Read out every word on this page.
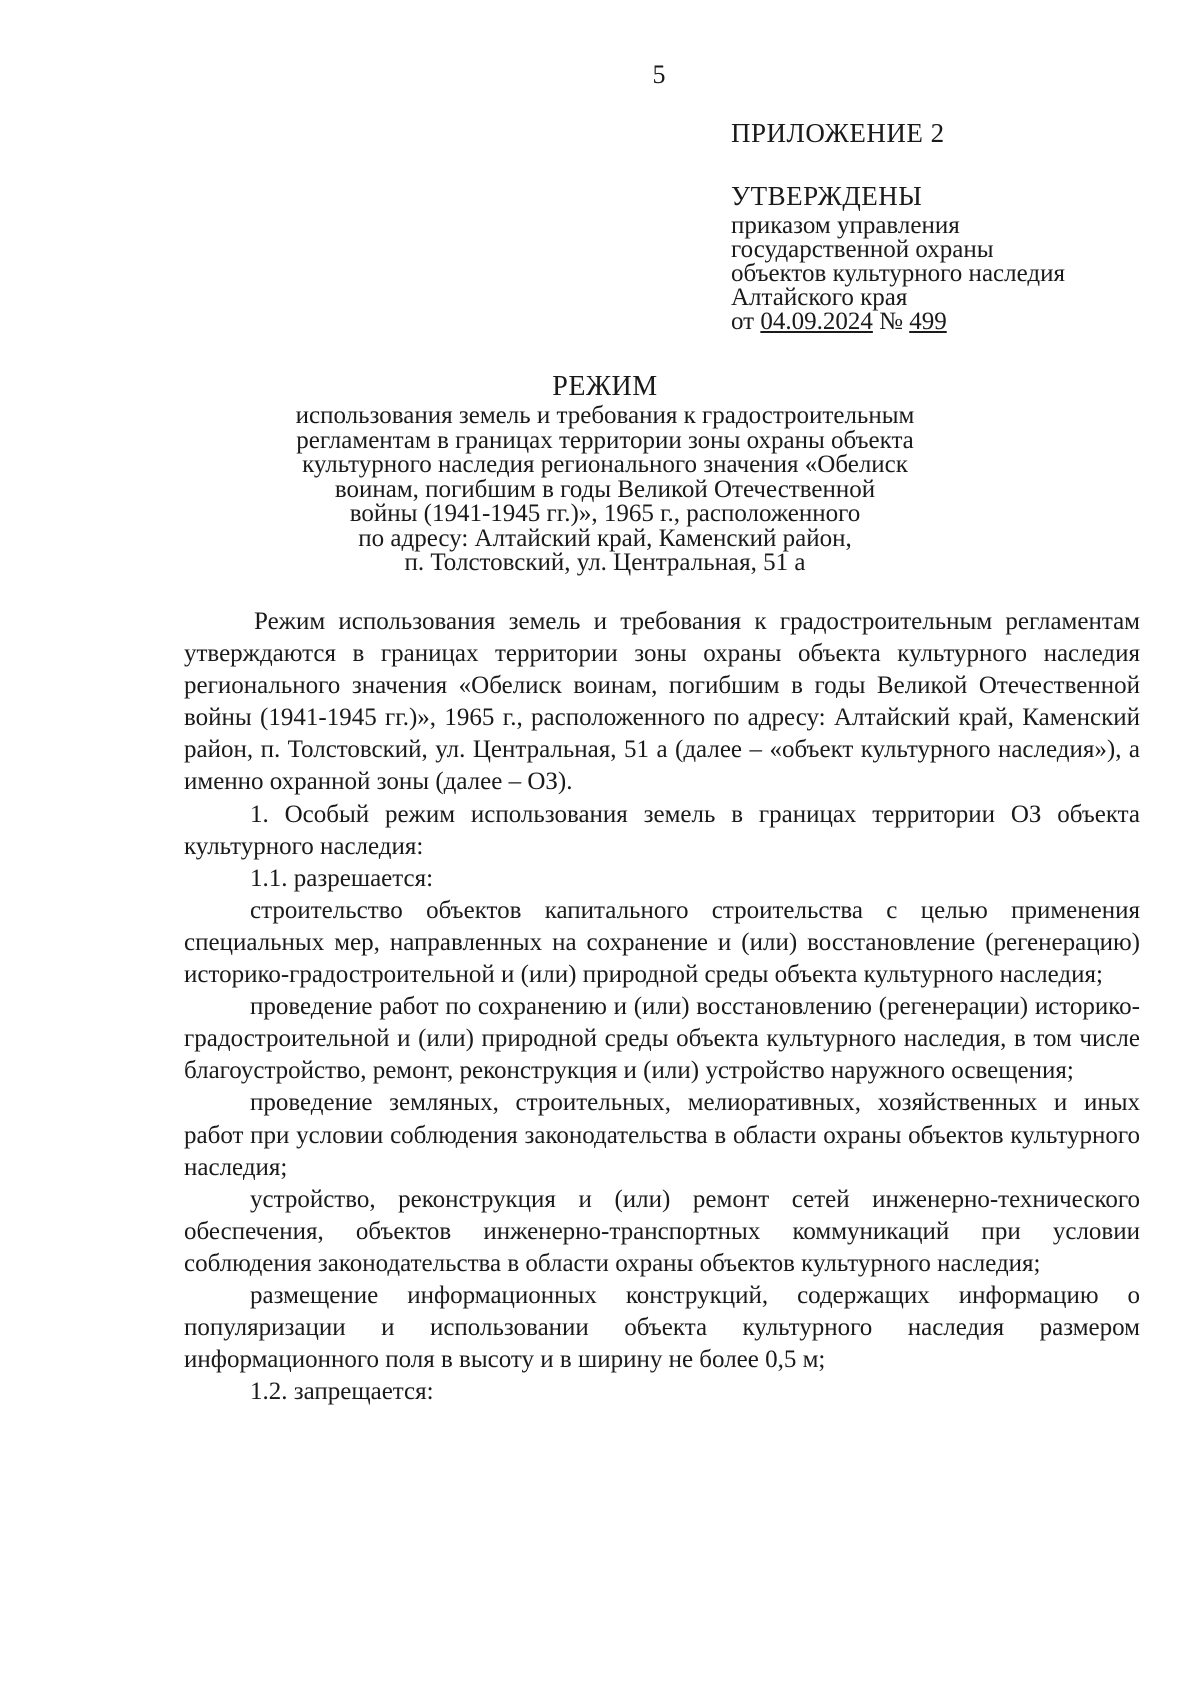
5
ПРИЛОЖЕНИЕ 2
УТВЕРЖДЕНЫ
приказом управления
государственной охраны
объектов культурного наследия
Алтайского края
от 04.09.2024 № 499
РЕЖИМ
использования земель и требования к градостроительным
регламентам в границах территории зоны охраны объекта
культурного наследия регионального значения «Обелиск
воинам, погибшим в годы Великой Отечественной
войны (1941-1945 гг.)», 1965 г., расположенного
по адресу: Алтайский край, Каменский район,
п. Толстовский, ул. Центральная, 51 а

Режим использования земель и требования к градостроительным регламентам утверждаются в границах территории зоны охраны объекта культурного наследия регионального значения «Обелиск воинам, погибшим в годы Великой Отечественной войны (1941-1945 гг.)», 1965 г., расположенного по адресу: Алтайский край, Каменский район, п. Толстовский, ул. Центральная, 51 а (далее – «объект культурного наследия»), а именно охранной зоны (далее – ОЗ).

1. Особый режим использования земель в границах территории ОЗ объекта культурного наследия:

1.1. разрешается:

строительство объектов капитального строительства с целью применения специальных мер, направленных на сохранение и (или) восстановление (регенерацию) историко-градостроительной и (или) природной среды объекта культурного наследия;

проведение работ по сохранению и (или) восстановлению (регенерации) историко-градостроительной и (или) природной среды объекта культурного наследия, в том числе благоустройство, ремонт, реконструкция и (или) устройство наружного освещения;

проведение земляных, строительных, мелиоративных, хозяйственных и иных работ при условии соблюдения законодательства в области охраны объектов культурного наследия;

устройство, реконструкция и (или) ремонт сетей инженерно-технического обеспечения, объектов инженерно-транспортных коммуникаций при условии соблюдения законодательства в области охраны объектов культурного наследия;

размещение информационных конструкций, содержащих информацию о популяризации и использовании объекта культурного наследия размером информационного поля в высоту и в ширину не более 0,5 м;

1.2. запрещается:
